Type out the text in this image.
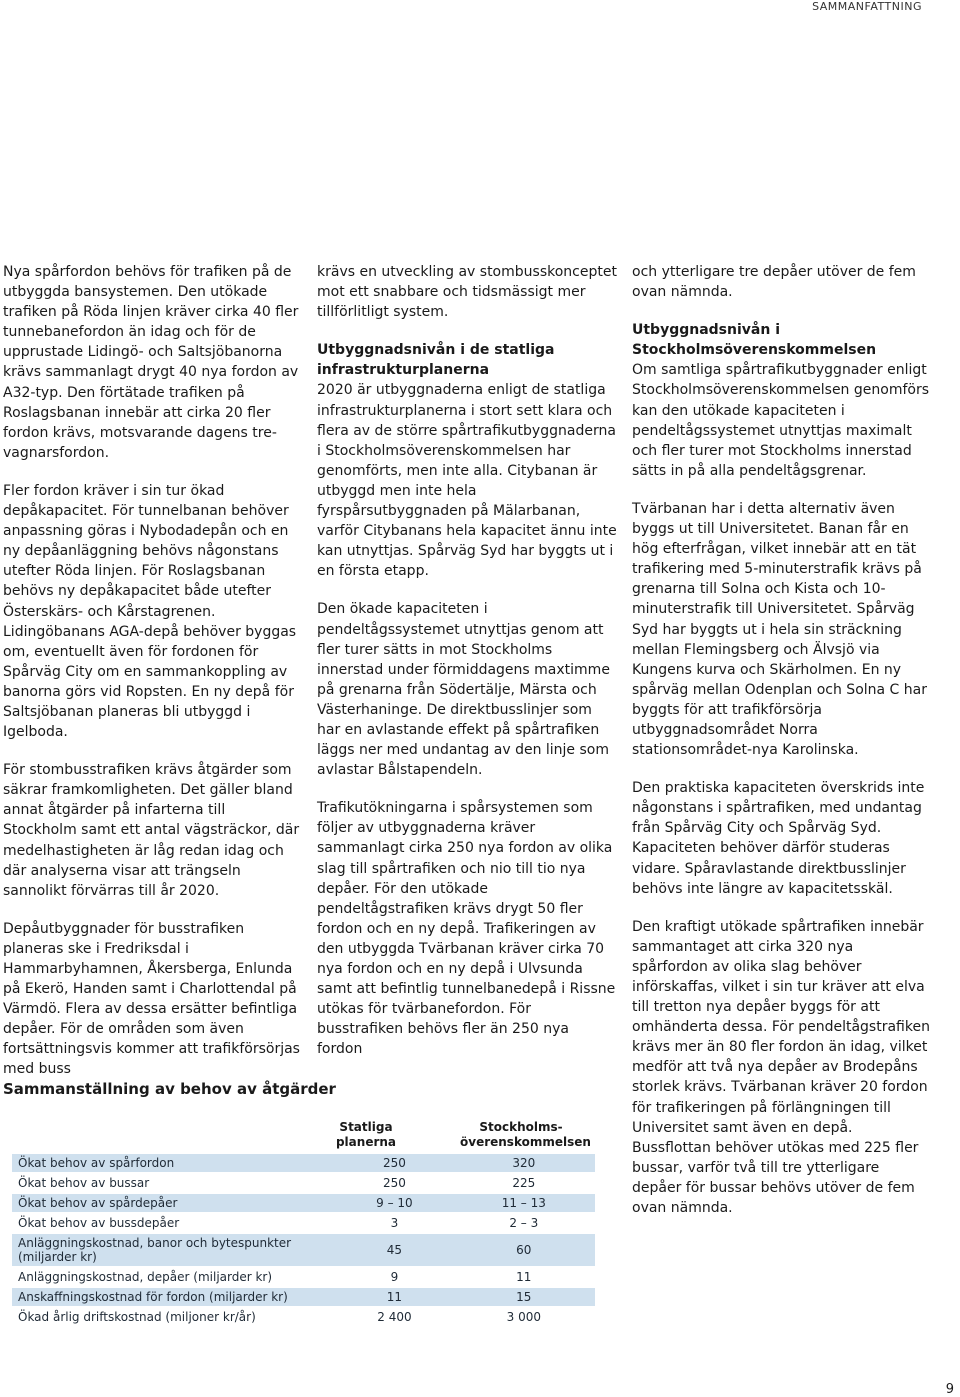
SAMMANFATTNING

Nya spårfordon behövs för trafiken på de utbyggda bansystemen. Den utökade trafiken på Röda linjen kräver cirka 40 fler tunnebanefordon än idag och för de upprustade Lidingö- och Saltsjöbanorna krävs sammanlagt drygt 40 nya fordon av A32-typ. Den förtätade trafiken på Roslagsbanan innebär att cirka 20 fler fordon krävs, motsvarande dagens tre-vagnarsfordon.

Fler fordon kräver i sin tur ökad depåkapacitet. För tunnelbanan behöver anpassning göras i Nybodadepån och en ny depåanläggning behövs någonstans utefter Röda linjen. För Roslagsbanan behövs ny depåkapacitet både utefter Österskärs- och Kårstagrenen. Lidingöbanans AGA-depå behöver byggas om, eventuellt även för fordonen för Spårväg City om en sammankoppling av banorna görs vid Ropsten. En ny depå för Saltsjöbanan planeras bli utbyggd i Igelboda.

För stombusstrafiken krävs åtgärder som säkrar framkomligheten. Det gäller bland annat åtgärder på infarterna till Stockholm samt ett antal vägsträckor, där medelhastigheten är låg redan idag och där analyserna visar att trängseln sannolikt förvärras till år 2020.

Depåutbyggnader för busstrafiken planeras ske i Fredriksdal i Hammarbyhamnen, Åkersberga, Enlunda på Ekerö, Handen samt i Charlottendal på Värmdö. Flera av dessa ersätter befintliga depåer. För de områden som även fortsättningsvis kommer att trafikförsörjas med buss

krävs en utveckling av stombusskonceptet mot ett snabbare och tidsmässigt mer tillförlitligt system.

Utbyggnadsnivån i de statliga infrastrukturplanerna

2020 är utbyggnaderna enligt de statliga infrastrukturplanerna i stort sett klara och flera av de större spårtrafikutbyggnaderna i Stockholmsöverenskommelsen har genomförts, men inte alla. Citybanan är utbyggd men inte hela fyrspårsutbyggnaden på Mälarbanan, varför Citybanans hela kapacitet ännu inte kan utnyttjas. Spårväg Syd har byggts ut i en första etapp.

Den ökade kapaciteten i pendeltågssystemet utnyttjas genom att fler turer sätts in mot Stockholms innerstad under förmiddagens maxtimme på grenarna från Södertälje, Märsta och Västerhaninge. De direktbusslinjer som har en avlastande effekt på spårtrafiken läggs ner med undantag av den linje som avlastar Bålstapendeln.

Trafikutökningarna i spårsystemen som följer av utbyggnaderna kräver sammanlagt cirka 250 nya fordon av olika slag till spårtrafiken och nio till tio nya depåer. För den utökade pendeltågstrafiken krävs drygt 50 fler fordon och en ny depå. Trafikeringen av den utbyggda Tvärbanan kräver cirka 70 nya fordon och en ny depå i Ulvsunda samt att befintlig tunnelbanedepå i Rissne utökas för tvärbanefordon. För busstrafiken behövs fler än 250 nya fordon

och ytterligare tre depåer utöver de fem ovan nämnda.

Utbyggnadsnivån i Stockholmsöverenskommelsen

Om samtliga spårtrafikutbyggnader enligt Stockholmsöverenskommelsen genomförs kan den utökade kapaciteten i pendeltågssystemet utnyttjas maximalt och fler turer mot Stockholms innerstad sätts in på alla pendeltågsgrenar.

Tvärbanan har i detta alternativ även byggs ut till Universitetet. Banan får en hög efterfrågan, vilket innebär att en tät trafikering med 5-minuterstrafik krävs på grenarna till Solna och Kista och 10-minuterstrafik till Universitetet. Spårväg Syd har byggts ut i hela sin sträckning mellan Flemingsberg och Älvsjö via Kungens kurva och Skärholmen. En ny spårväg mellan Odenplan och Solna C har byggts för att trafikförsörja utbyggnadsområdet Norra stationsområdet-nya Karolinska.

Den praktiska kapaciteten överskrids inte någonstans i spårtrafiken, med undantag från Spårväg City och Spårväg Syd. Kapaciteten behöver därför studeras vidare. Spåravlastande direktbusslinjer behövs inte längre av kapacitetsskäl.

Den kraftigt utökade spårtrafiken innebär sammantaget att cirka 320 nya spårfordon av olika slag behöver införskaffas, vilket i sin tur kräver att elva till tretton nya depåer byggs för att omhänderta dessa. För pendeltågstrafiken krävs mer än 80 fler fordon än idag, vilket medför att två nya depåer av Brodepåns storlek krävs. Tvärbanan kräver 20 fordon för trafikeringen på förlängningen till Universitet samt även en depå. Bussflottan behöver utökas med 225 fler bussar, varför två till tre ytterligare depåer för bussar behövs utöver de fem ovan nämnda.

Sammanställning av behov av åtgärder
Statliga planerna
Stockholms-överenskommelsen
Ökat behov av spårfordon	250	320
Ökat behov av bussar	250	225
Ökat behov av spårdepåer	9 – 10	11 – 13
Ökat behov av bussdepåer	3	2 – 3
Anläggningskostnad, banor och bytespunkter (miljarder kr)	45	60
Anläggningskostnad, depåer (miljarder kr)	9	11
Anskaffningskostnad för fordon (miljarder kr)	11	15
Ökad årlig driftskostnad (miljoner kr/år)	2 400	3 000
9
